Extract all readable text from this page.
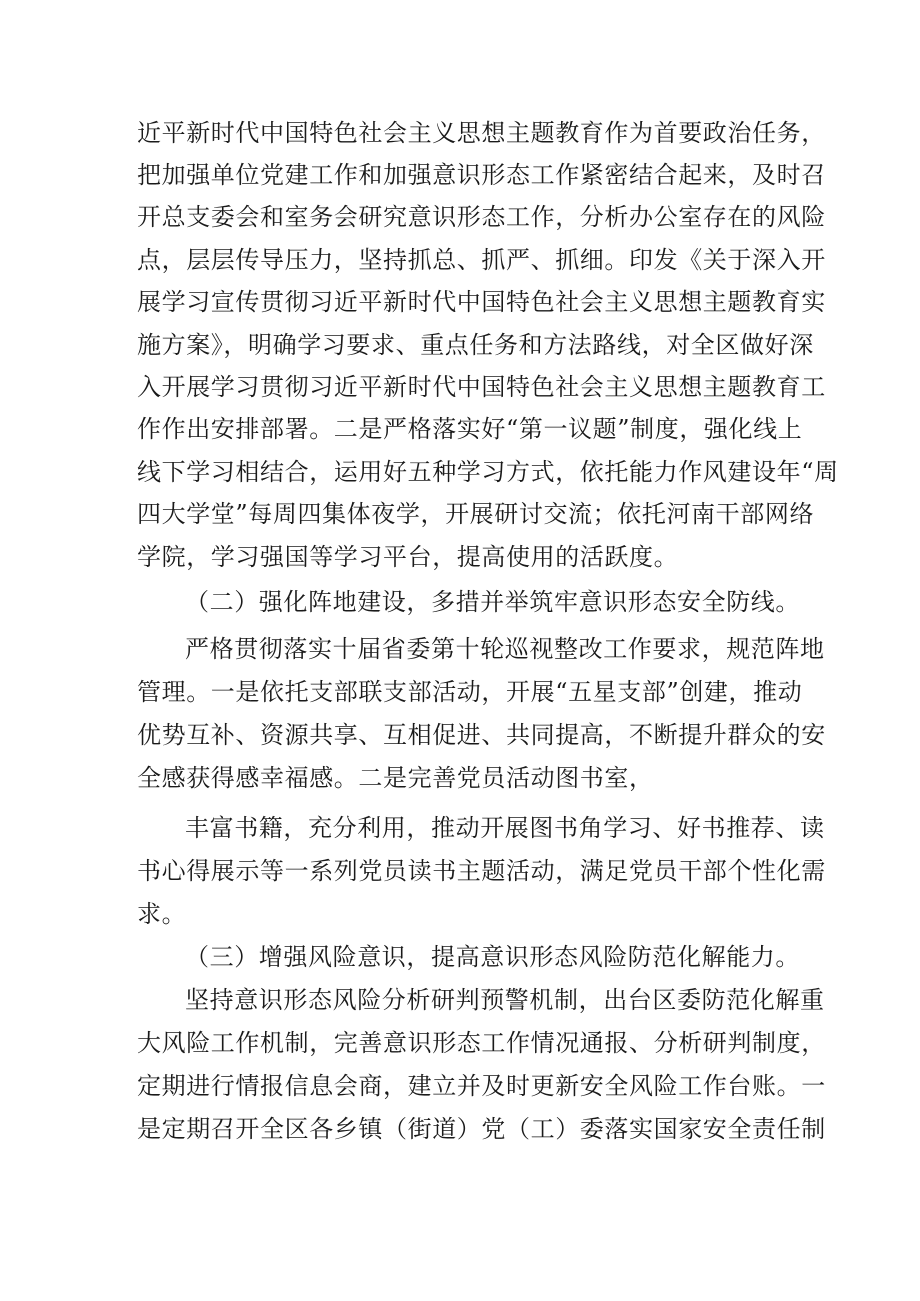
近平新时代中国特色社会主义思想主题教育作为首要政治任务，

把加强单位党建工作和加强意识形态工作紧密结合起来，及时召

开总支委会和室务会研究意识形态工作，分析办公室存在的风险

点，层层传导压力，坚持抓总、抓严、抓细。印发《关于深入开

展学习宣传贯彻习近平新时代中国特色社会主义思想主题教育实

施方案》，明确学习要求、重点任务和方法路线，对全区做好深

入开展学习贯彻习近平新时代中国特色社会主义思想主题教育工

作作出安排部署。二是严格落实好“第一议题”制度，强化线上

线下学习相结合，运用好五种学习方式，依托能力作风建设年“周

四大学堂”每周四集体夜学，开展研讨交流；依托河南干部网络

学院，学习强国等学习平台，提高使用的活跃度。

（二）强化阵地建设，多措并举筑牢意识形态安全防线。

严格贯彻落实十届省委第十轮巡视整改工作要求，规范阵地

管理。一是依托支部联支部活动，开展“五星支部”创建，推动

优势互补、资源共享、互相促进、共同提高，不断提升群众的安

全感获得感幸福感。二是完善党员活动图书室，

丰富书籍，充分利用，推动开展图书角学习、好书推荐、读

书心得展示等一系列党员读书主题活动，满足党员干部个性化需

求。

（三）增强风险意识，提高意识形态风险防范化解能力。

坚持意识形态风险分析研判预警机制，出台区委防范化解重

大风险工作机制，完善意识形态工作情况通报、分析研判制度，

定期进行情报信息会商，建立并及时更新安全风险工作台账。一

是定期召开全区各乡镇（街道）党（工）委落实国家安全责任制
